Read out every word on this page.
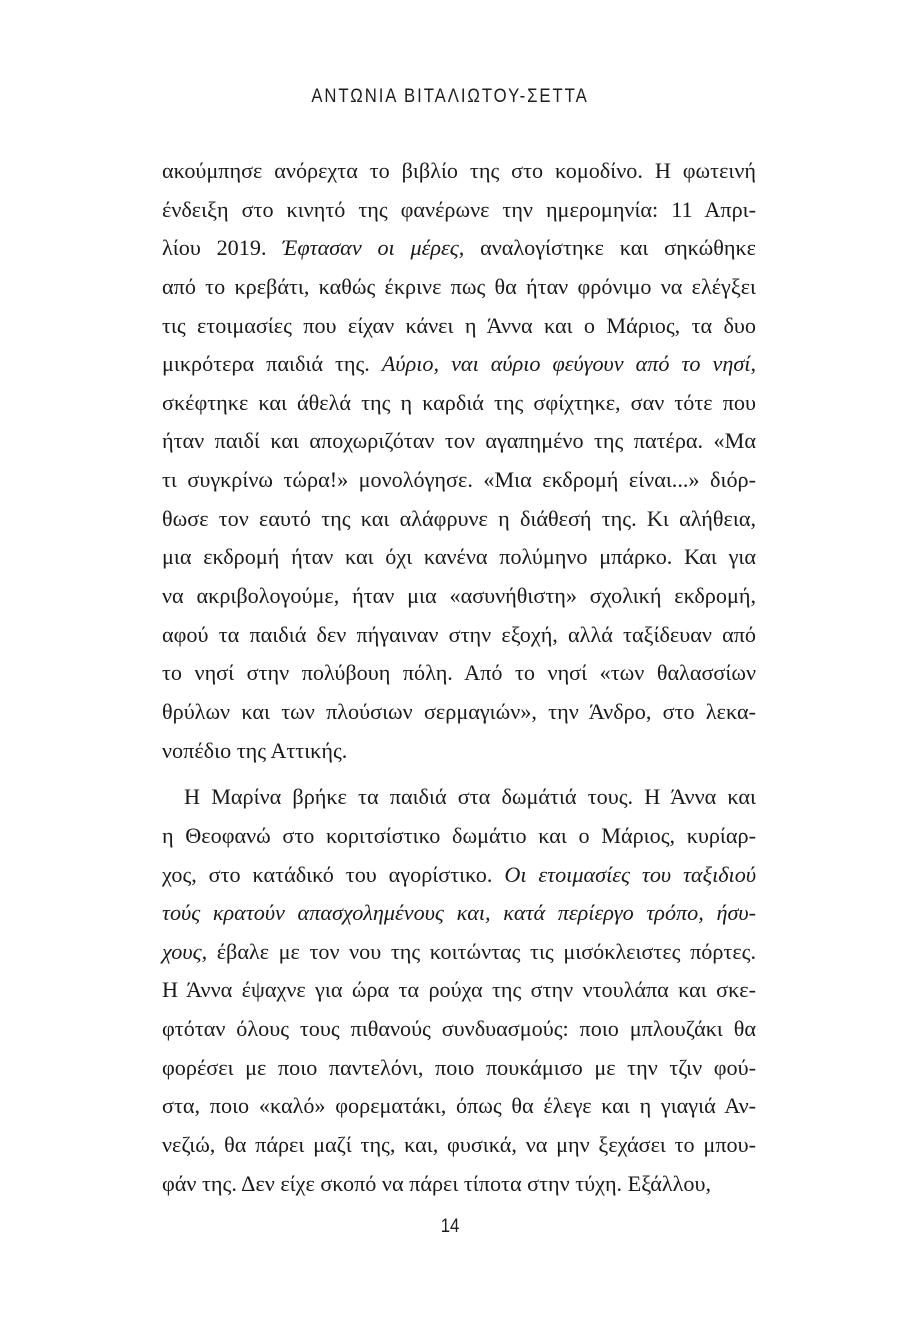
ΑΝΤΩΝΙΑ ΒΙΤΑΛΙΩΤΟΥ-ΣΕΤΤΑ
ακούμπησε ανόρεχτα το βιβλίο της στο κομοδίνο. Η φωτεινή
ένδειξη στο κινητό της φανέρωνε την ημερομηνία: 11 Απρι-
λίου 2019. Έφτασαν οι μέρες, αναλογίστηκε και σηκώθηκε
από το κρεβάτι, καθώς έκρινε πως θα ήταν φρόνιμο να ελέγξει
τις ετοιμασίες που είχαν κάνει η Άννα και ο Μάριος, τα δυο
μικρότερα παιδιά της. Αύριο, ναι αύριο φεύγουν από το νησί,
σκέφτηκε και άθελά της η καρδιά της σφίχτηκε, σαν τότε που
ήταν παιδί και αποχωριζόταν τον αγαπημένο της πατέρα. «Μα
τι συγκρίνω τώρα!» μονολόγησε. «Μια εκδρομή είναι...» διόρ-
θωσε τον εαυτό της και αλάφρυνε η διάθεσή της. Κι αλήθεια,
μια εκδρομή ήταν και όχι κανένα πολύμηνο μπάρκο. Και για
να ακριβολογούμε, ήταν μια «ασυνήθιστη» σχολική εκδρομή,
αφού τα παιδιά δεν πήγαιναν στην εξοχή, αλλά ταξίδευαν από
το νησί στην πολύβουη πόλη. Από το νησί «των θαλασσίων
θρύλων και των πλούσιων σερμαγιών», την Άνδρο, στο λεκα-
νοπέδιο της Αττικής.
Η Μαρίνα βρήκε τα παιδιά στα δωμάτιά τους. Η Άννα και
η Θεοφανώ στο κοριτσίστικο δωμάτιο και ο Μάριος, κυρίαρ-
χος, στο κατάδικό του αγορίστικο. Οι ετοιμασίες του ταξιδιού
τούς κρατούν απασχολημένους και, κατά περίεργο τρόπο, ήσυ-
χους, έβαλε με τον νου της κοιτώντας τις μισόκλειστες πόρτες.
Η Άννα έψαχνε για ώρα τα ρούχα της στην ντουλάπα και σκε-
φτόταν όλους τους πιθανούς συνδυασμούς: ποιο μπλουζάκι θα
φορέσει με ποιο παντελόνι, ποιο πουκάμισο με την τζιν φού-
στα, ποιο «καλό» φορεματάκι, όπως θα έλεγε και η γιαγιά Αν-
νεζιώ, θα πάρει μαζί της, και, φυσικά, να μην ξεχάσει το μπου-
φάν της. Δεν είχε σκοπό να πάρει τίποτα στην τύχη. Εξάλλου,
14
